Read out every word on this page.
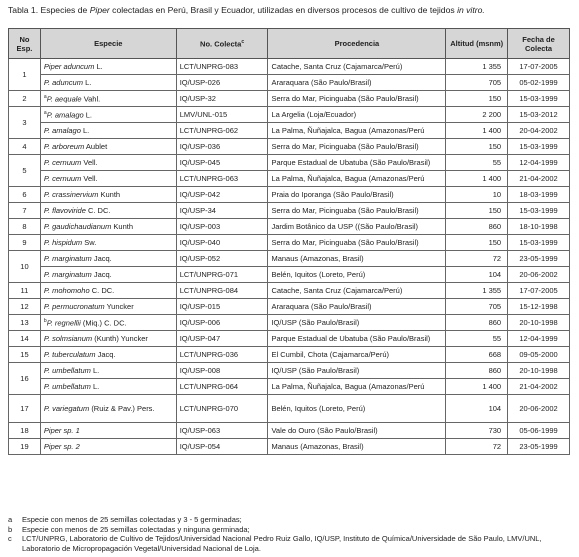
Tabla 1. Especies de Piper colectadas en Perú, Brasil y Ecuador, utilizadas en diversos procesos de cultivo de tejidos in vitro.
No Esp.	Especie	No. Colecta$^c$	Procedencia	Altitud (msnm)	Fecha de Colecta
1	Piper aduncum L.	LCT/UNPRG-083	Catache, Santa Cruz (Cajamarca/Perú)	1 355	17-07-2005
	P. aduncum L.	IQ/USP-026	Araraquara (São Paulo/Brasil)	705	05-02-1999
2	$^a$P. aequale Vahl.	IQ/USP-32	Serra do Mar, Picinguaba (São Paulo/Brasil)	150	15-03-1999
3	$^a$P. amalago L.	LMV/UNL-015	La Argelia (Loja/Ecuador)	2 200	15-03-2012
	P. amalago L.	LCT/UNPRG-062	La Palma, Ñuñajalca, Bagua (Amazonas/Perú	1 400	20-04-2002
4	P. arboreum Aublet	IQ/USP-036	Serra do Mar, Picinguaba (São Paulo/Brasil)	150	15-03-1999
5	P. cernuum Vell.	IQ/USP-045	Parque Estadual de Ubatuba (São Paulo/Brasil)	55	12-04-1999
	P. cernuum Vell.	LCT/UNPRG-063	La Palma, Ñuñajalca, Bagua (Amazonas/Perú	1 400	21-04-2002
6	P. crassinervium Kunth	IQ/USP-042	Praia do Iporanga (São Paulo/Brasil)	10	18-03-1999
7	P. flavoviride C. DC.	IQ/USP-34	Serra do Mar, Picinguaba (São Paulo/Brasil)	150	15-03-1999
8	P. gaudichaudianum Kunth	IQ/USP-003	Jardim Botânico da USP ((São Paulo/Brasil)	860	18-10-1998
9	P. hispidum Sw.	IQ/USP-040	Serra do Mar, Picinguaba (São Paulo/Brasil)	150	15-03-1999
10	P. marginatum Jacq.	IQ/USP-052	Manaus (Amazonas, Brasil)	72	23-05-1999
	P. marginatum Jacq.	LCT/UNPRG-071	Belén, Iquitos (Loreto, Perú)	104	20-06-2002
11	P. mohomoho C. DC.	LCT/UNPRG-084	Catache, Santa Cruz (Cajamarca/Perú)	1 355	17-07-2005
12	P. permucronatum Yuncker	IQ/USP-015	Araraquara (São Paulo/Brasil)	705	15-12-1998
13	$^b$P. regnellii (Miq.) C. DC.	IQ/USP-006	IQ/USP (São Paulo/Brasil)	860	20-10-1998
14	P. solmsianum (Kunth) Yuncker	IQ/USP-047	Parque Estadual de Ubatuba (São Paulo/Brasil)	55	12-04-1999
15	P. tuberculatum Jacq.	LCT/UNPRG-036	El Cumbil, Chota (Cajamarca/Perú)	668	09-05-2000
16	P. umbellatum L.	IQ/USP-008	IQ/USP (São Paulo/Brasil)	860	20-10-1998
	P. umbellatum L.	LCT/UNPRG-064	La Palma, Ñuñajalca, Bagua (Amazonas/Perú	1 400	21-04-2002
17	P. variegatum (Ruiz & Pav.) Pers.	LCT/UNPRG-070	Belén, Iquitos (Loreto, Perú)	104	20-06-2002
18	Piper sp. 1	IQ/USP-063	Vale do Ouro (São Paulo/Brasil)	730	05-06-1999
19	Piper sp. 2	IQ/USP-054	Manaus (Amazonas, Brasil)	72	23-05-1999
a	Especie con menos de 25 semillas colectadas y 3 - 5 germinadas;
b	Especie con menos de 25 semillas colectadas y ninguna germinada;
c	LCT/UNPRG, Laboratorio de Cultivo de Tejidos/Universidad Nacional Pedro Ruiz Gallo, IQ/USP, Instituto de Química/Universidade de São Paulo, LMV/UNL, Laboratorio de Micropropagación Vegetal/Universidad Nacional de Loja.
